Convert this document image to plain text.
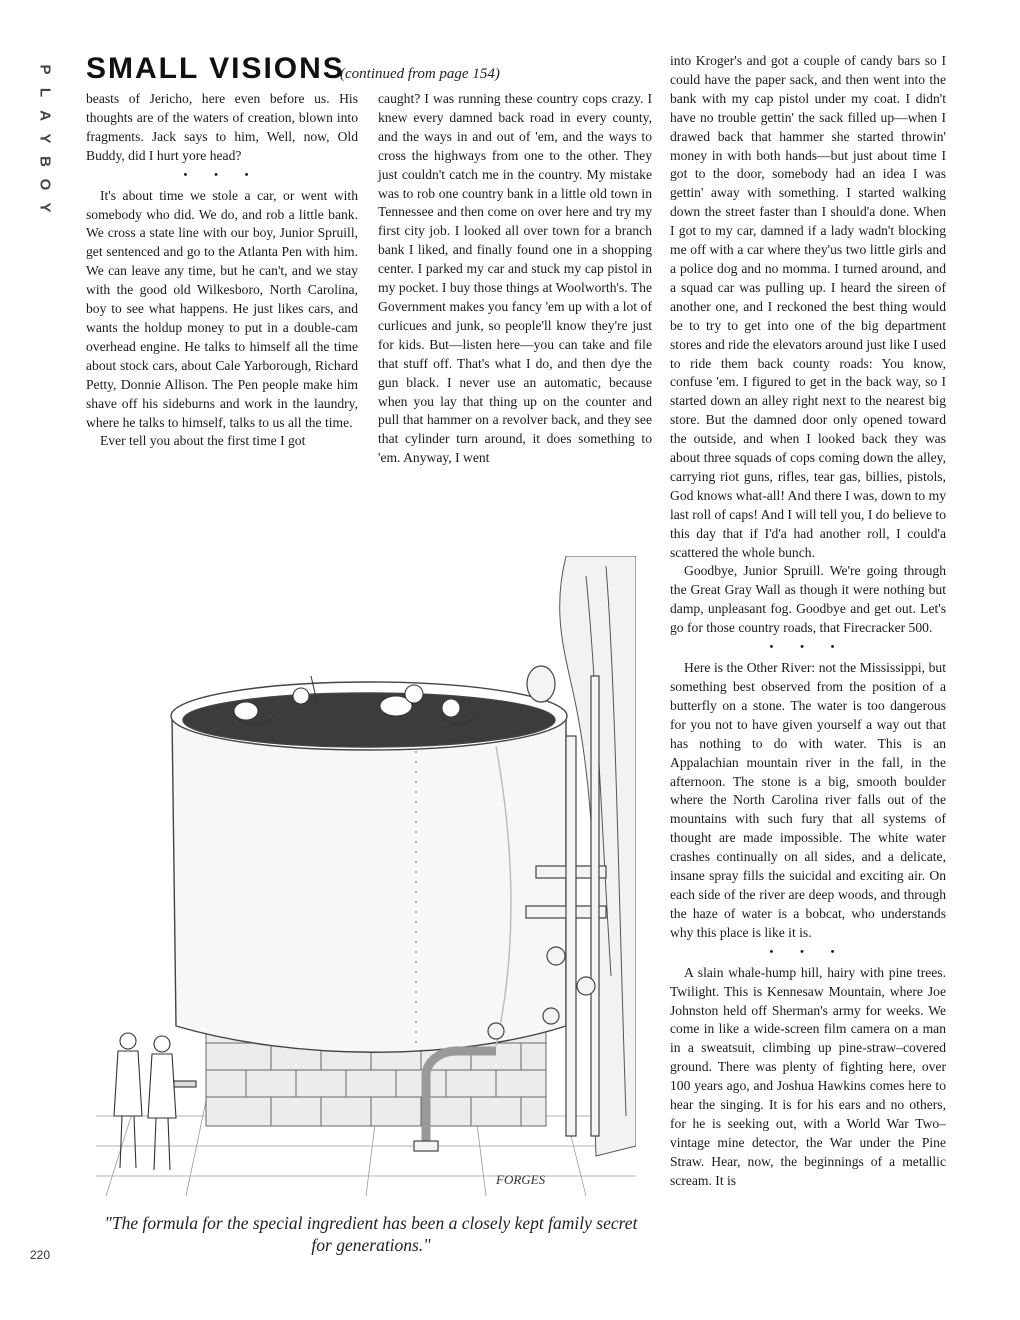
P
L
A
Y
B
O
Y
SMALL VISIONS
(continued from page 154)

beasts of Jericho, here even before us. His thoughts are of the waters of creation, blown into fragments. Jack says to him, Well, now, Old Buddy, did I hurt yore head?

• • •

It's about time we stole a car, or went with somebody who did. We do, and rob a little bank. We cross a state line with our boy, Junior Spruill, get sentenced and go to the Atlanta Pen with him. We can leave any time, but he can't, and we stay with the good old Wilkesboro, North Carolina, boy to see what happens. He just likes cars, and wants the holdup money to put in a double-cam overhead engine. He talks to himself all the time about stock cars, about Cale Yarborough, Richard Petty, Donnie Allison. The Pen people make him shave off his sideburns and work in the laundry, where he talks to himself, talks to us all the time.

Ever tell you about the first time I got

caught? I was running these country cops crazy. I knew every damned back road in every county, and the ways in and out of 'em, and the ways to cross the highways from one to the other. They just couldn't catch me in the country. My mistake was to rob one country bank in a little old town in Tennessee and then come on over here and try my first city job. I looked all over town for a branch bank I liked, and finally found one in a shopping center. I parked my car and stuck my cap pistol in my pocket. I buy those things at Woolworth's. The Government makes you fancy 'em up with a lot of curlicues and junk, so people'll know they're just for kids. But—listen here—you can take and file that stuff off. That's what I do, and then dye the gun black. I never use an automatic, because when you lay that thing up on the counter and pull that hammer on a revolver back, and they see that cylinder turn around, it does something to 'em. Anyway, I went

into Kroger's and got a couple of candy bars so I could have the paper sack, and then went into the bank with my cap pistol under my coat. I didn't have no trouble gettin' the sack filled up—when I drawed back that hammer she started throwin' money in with both hands—but just about time I got to the door, somebody had an idea I was gettin' away with something. I started walking down the street faster than I should'a done. When I got to my car, damned if a lady wadn't blocking me off with a car where they'us two little girls and a police dog and no momma. I turned around, and a squad car was pulling up. I heard the sireen of another one, and I reckoned the best thing would be to try to get into one of the big department stores and ride the elevators around just like I used to ride them back county roads: You know, confuse 'em. I figured to get in the back way, so I started down an alley right next to the nearest big store. But the damned door only opened toward the outside, and when I looked back they was about three squads of cops coming down the alley, carrying riot guns, rifles, tear gas, billies, pistols, God knows what-all! And there I was, down to my last roll of caps! And I will tell you, I do believe to this day that if I'd'a had another roll, I could'a scattered the whole bunch.

Goodbye, Junior Spruill. We're going through the Great Gray Wall as though it were nothing but damp, unpleasant fog. Goodbye and get out. Let's go for those country roads, that Firecracker 500.

• • •

Here is the Other River: not the Mississippi, but something best observed from the position of a butterfly on a stone. The water is too dangerous for you not to have given yourself a way out that has nothing to do with water. This is an Appalachian mountain river in the fall, in the afternoon. The stone is a big, smooth boulder where the North Carolina river falls out of the mountains with such fury that all systems of thought are made impossible. The white water crashes continually on all sides, and a delicate, insane spray fills the suicidal and exciting air. On each side of the river are deep woods, and through the haze of water is a bobcat, who understands why this place is like it is.

• • •

A slain whale-hump hill, hairy with pine trees. Twilight. This is Kennesaw Mountain, where Joe Johnston held off Sherman's army for weeks. We come in like a wide-screen film camera on a man in a sweatsuit, climbing up pine-straw–covered ground. There was plenty of fighting here, over 100 years ago, and Joshua Hawkins comes here to hear the singing. It is for his ears and no others, for he is seeking out, with a World War Two–vintage mine detector, the War under the Pine Straw. Hear, now, the beginnings of a metallic scream. It is

FORGES
"The formula for the special ingredient has been a closely kept family secret for generations."
220
